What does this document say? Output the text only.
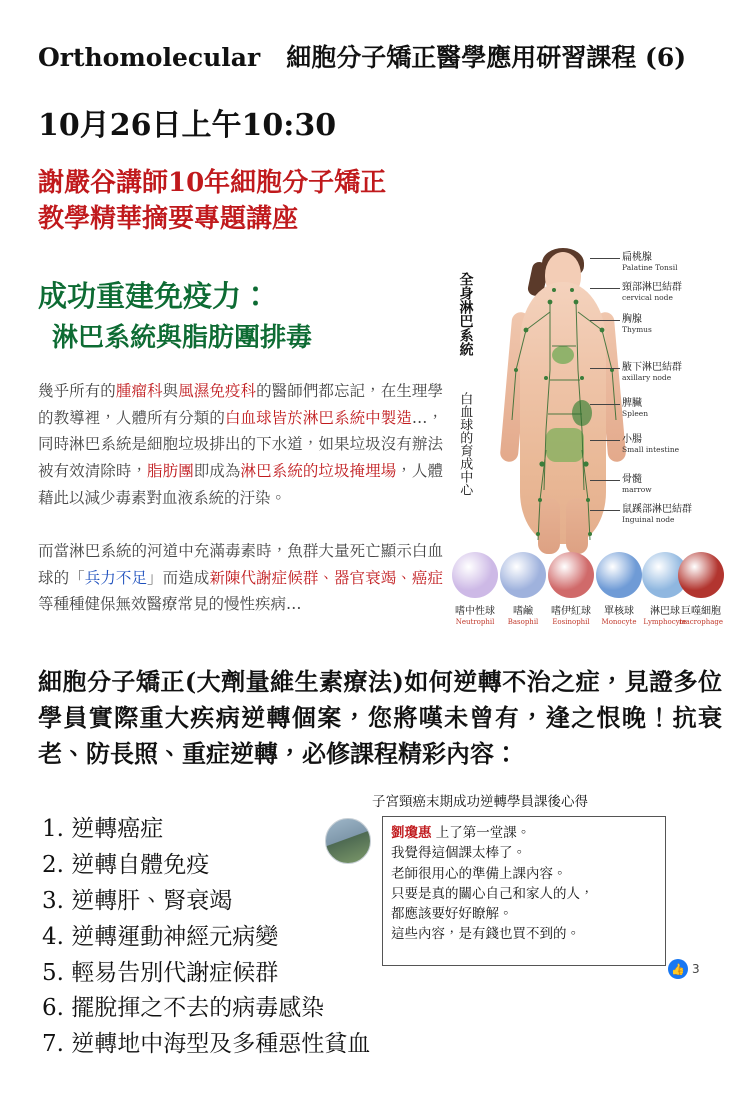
Orthomolecular 細胞分子矯正醫學應用研習課程 (6)
10月26日上午10:30
謝嚴谷講師10年細胞分子矯正
教學精華摘要專題講座
成功重建免疫力：
淋巴系統與脂肪團排毒
幾乎所有的腫瘤科與風濕免疫科的醫師們都忘記，在生理學的教導裡，人體所有分類的白血球皆於淋巴系統中製造…，同時淋巴系統是細胞垃圾排出的下水道，如果垃圾沒有辦法被有效清除時，脂肪團即成為淋巴系統的垃圾掩埋場，人體藉此以減少毒素對血液系統的汙染。
而當淋巴系統的河道中充滿毒素時，魚群大量死亡顯示白血球的「兵力不足」而造成新陳代謝症候群、器官衰竭、癌症等種種健保無效醫療常見的慢性疾病…
全身淋巴系統
白血球的育成中心
扁桃腺
Palatine Tonsil
頸部淋巴結群
cervical node
胸腺
Thymus
腋下淋巴結群
axillary node
脾臟
Spleen
小腸
Small intestine
骨髓
marrow
鼠蹊部淋巴結群
Inguinal node
嗜中性球
Neutrophil
嗜鹼
Basophil
嗜伊紅球
Eosinophil
單核球
Monocyte
淋巴球
Lymphocyte
巨噬細胞
macrophage
細胞分子矯正(大劑量維生素療法)如何逆轉不治之症，見證多位學員實際重大疾病逆轉個案，您將嘆未曾有，逢之恨晚！抗衰老、防長照、重症逆轉，必修課程精彩內容：
1. 逆轉癌症
2. 逆轉自體免疫
3. 逆轉肝、腎衰竭
4. 逆轉運動神經元病變
5. 輕易告別代謝症候群
6. 擺脫揮之不去的病毒感染
7. 逆轉地中海型及多種惡性貧血
子宮頸癌末期成功逆轉學員課後心得
劉瓊惠 上了第一堂課。
我覺得這個課太棒了。
老師很用心的準備上課內容。
只要是真的關心自己和家人的人，
都應該要好好瞭解。
這些內容，是有錢也買不到的。
👍 3
